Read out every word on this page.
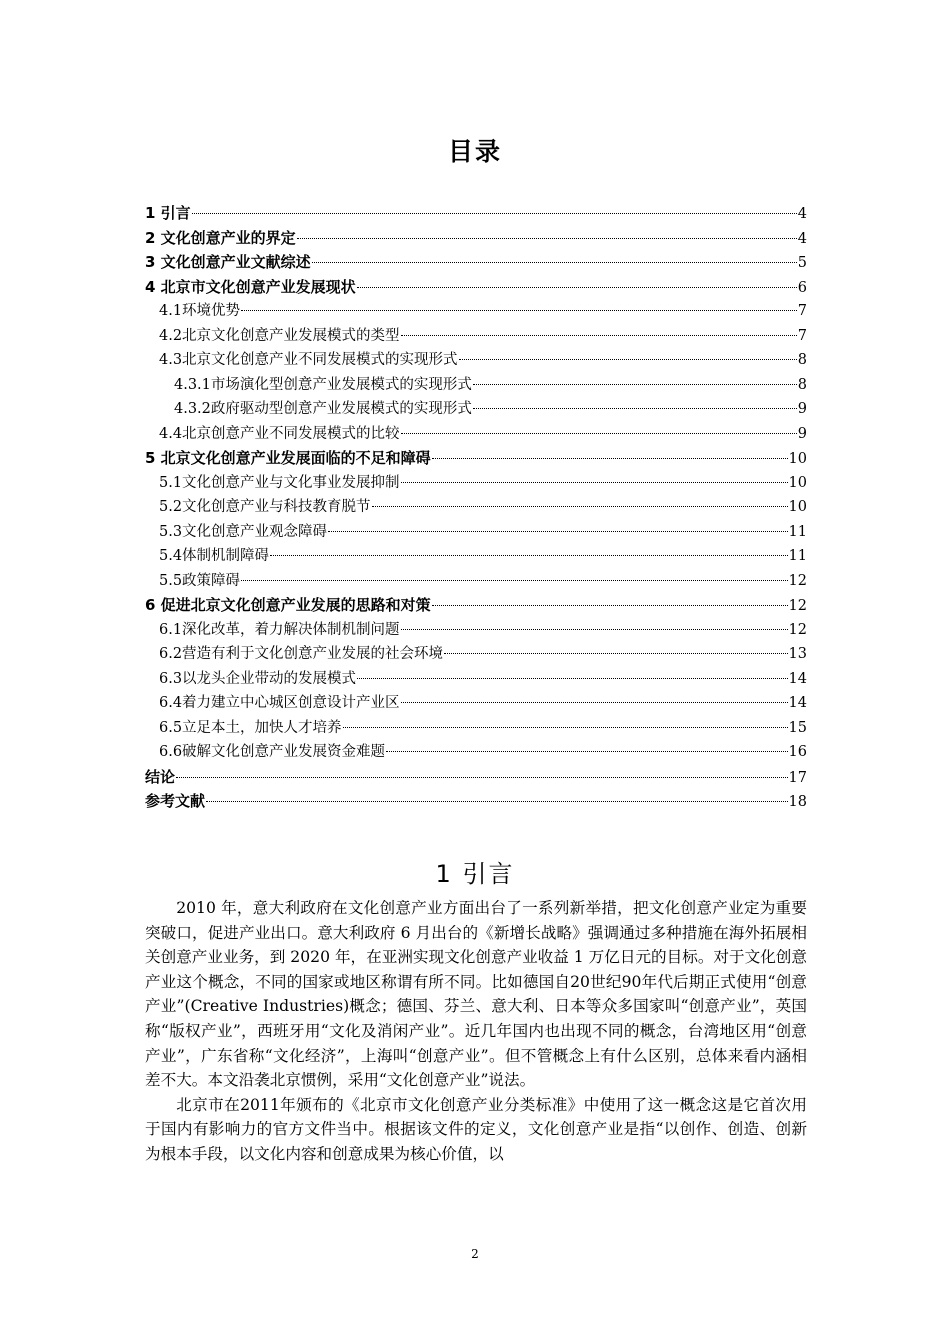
目录
1 引言	4
2 文化创意产业的界定	4
3 文化创意产业文献综述	5
4 北京市文化创意产业发展现状	6
4.1环境优势	7
4.2北京文化创意产业发展模式的类型	7
4.3北京文化创意产业不同发展模式的实现形式	8
4.3.1市场演化型创意产业发展模式的实现形式	8
4.3.2政府驱动型创意产业发展模式的实现形式	9
4.4北京创意产业不同发展模式的比较	9
5 北京文化创意产业发展面临的不足和障碍	10
5.1文化创意产业与文化事业发展抑制	10
5.2文化创意产业与科技教育脱节	10
5.3文化创意产业观念障碍	11
5.4体制机制障碍	11
5.5政策障碍	12
6 促进北京文化创意产业发展的思路和对策	12
6.1深化改革，着力解决体制机制问题	12
6.2营造有利于文化创意产业发展的社会环境	13
6.3以龙头企业带动的发展模式	14
6.4着力建立中心城区创意设计产业区	14
6.5立足本土，加快人才培养	15
6.6破解文化创意产业发展资金难题	16
结论	17
参考文献	18
1 引言

2010 年，意大利政府在文化创意产业方面出台了一系列新举措，把文化创意产业定为重要突破口，促进产业出口。意大利政府 6 月出台的《新增长战略》强调通过多种措施在海外拓展相关创意产业业务，到 2020 年，在亚洲实现文化创意产业收益 1 万亿日元的目标。对于文化创意产业这个概念，不同的国家或地区称谓有所不同。比如德国自20世纪90年代后期正式使用“创意产业”(Creative Industries)概念；德国、芬兰、意大利、日本等众多国家叫“创意产业”，英国称“版权产业”，西班牙用“文化及消闲产业”。近几年国内也出现不同的概念，台湾地区用“创意产业”，广东省称“文化经济”，上海叫“创意产业”。但不管概念上有什么区别，总体来看内涵相差不大。本文沿袭北京惯例，采用“文化创意产业”说法。

北京市在2011年颁布的《北京市文化创意产业分类标准》中使用了这一概念这是它首次用于国内有影响力的官方文件当中。根据该文件的定义，文化创意产业是指“以创作、创造、创新为根本手段，以文化内容和创意成果为核心价值，以

2
